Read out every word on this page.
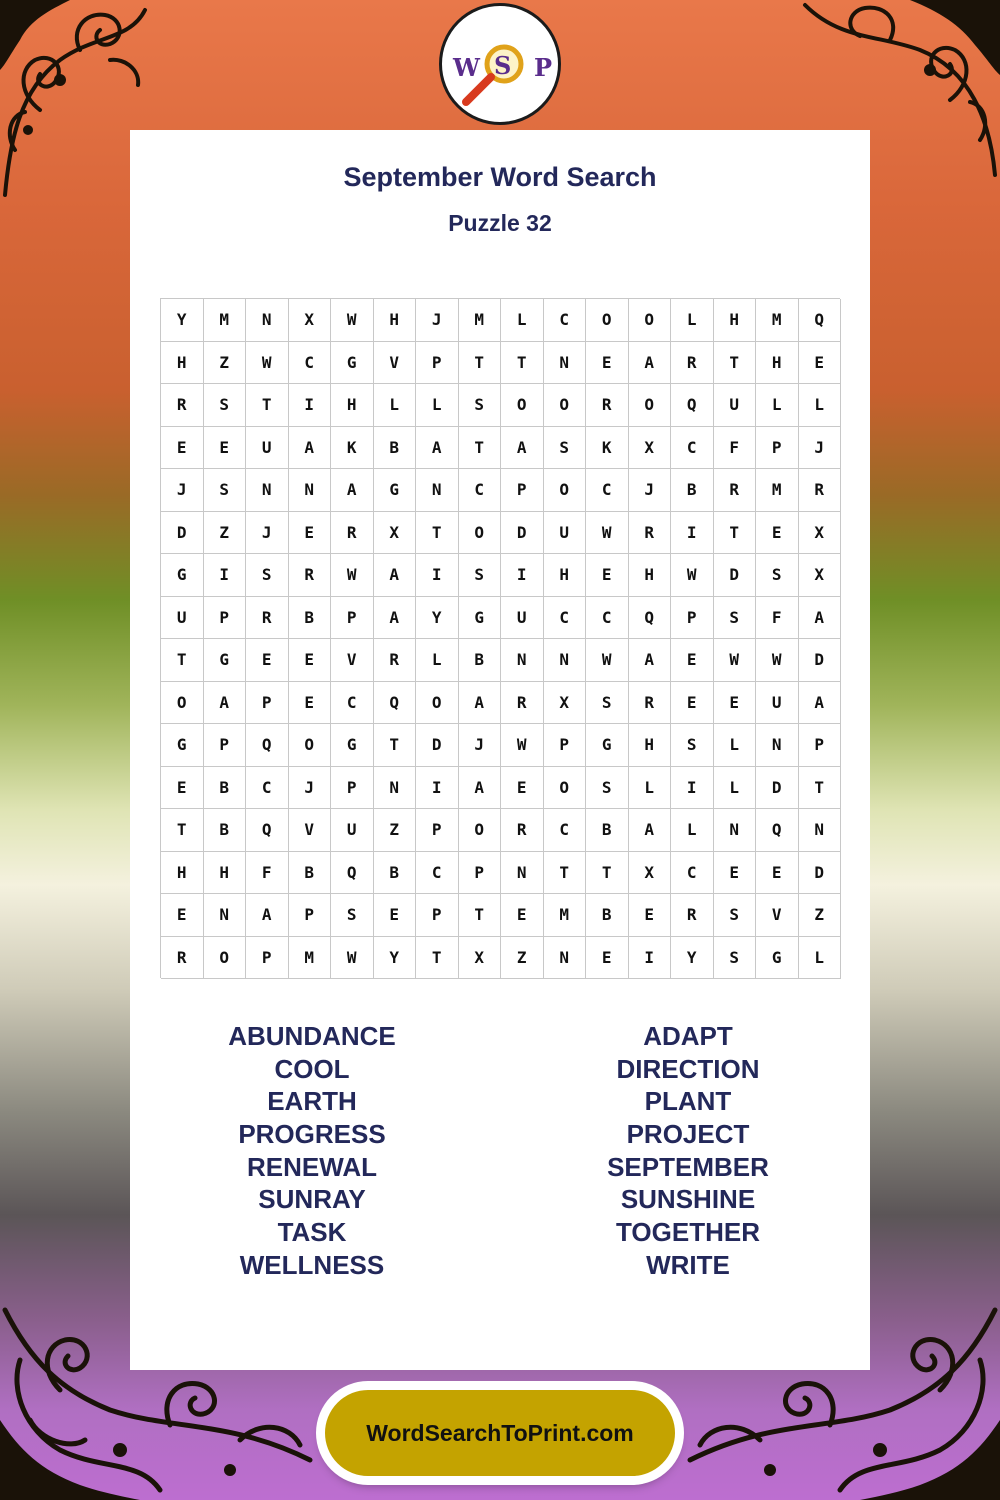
W S P
September Word Search
Puzzle 32
Y	M	N	X	W	H	J	M	L	C	O	O	L	H	M	Q
H	Z	W	C	G	V	P	T	T	N	E	A	R	T	H	E
R	S	T	I	H	L	L	S	O	O	R	O	Q	U	L	L
E	E	U	A	K	B	A	T	A	S	K	X	C	F	P	J
J	S	N	N	A	G	N	C	P	O	C	J	B	R	M	R
D	Z	J	E	R	X	T	O	D	U	W	R	I	T	E	X
G	I	S	R	W	A	I	S	I	H	E	H	W	D	S	X
U	P	R	B	P	A	Y	G	U	C	C	Q	P	S	F	A
T	G	E	E	V	R	L	B	N	N	W	A	E	W	W	D
O	A	P	E	C	Q	O	A	R	X	S	R	E	E	U	A
G	P	Q	O	G	T	D	J	W	P	G	H	S	L	N	P
E	B	C	J	P	N	I	A	E	O	S	L	I	L	D	T
T	B	Q	V	U	Z	P	O	R	C	B	A	L	N	Q	N
H	H	F	B	Q	B	C	P	N	T	T	X	C	E	E	D
E	N	A	P	S	E	P	T	E	M	B	E	R	S	V	Z
R	O	P	M	W	Y	T	X	Z	N	E	I	Y	S	G	L
ABUNDANCE
COOL
EARTH
PROGRESS
RENEWAL
SUNRAY
TASK
WELLNESS
ADAPT
DIRECTION
PLANT
PROJECT
SEPTEMBER
SUNSHINE
TOGETHER
WRITE
WordSearchToPrint.com
